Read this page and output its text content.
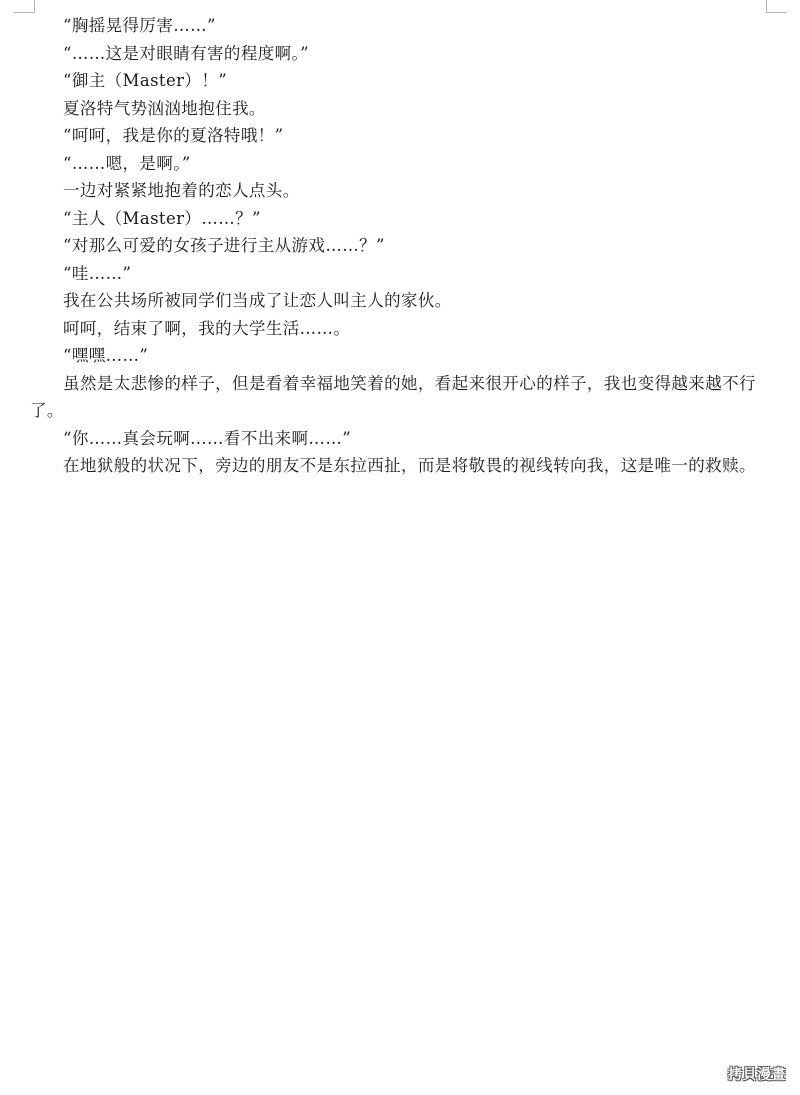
“胸摇晃得厉害……”

“……这是对眼睛有害的程度啊。”

“御主（Master）！”

夏洛特气势汹汹地抱住我。

“呵呵，我是你的夏洛特哦！”

“……嗯，是啊。”

一边对紧紧地抱着的恋人点头。

“主人（Master）……？”

“对那么可爱的女孩子进行主从游戏……？”

“哇……”

我在公共场所被同学们当成了让恋人叫主人的家伙。

呵呵，结束了啊，我的大学生活……。

“嘿嘿……”

虽然是太悲惨的样子，但是看着幸福地笑着的她，看起来很开心的样子，我也变得越来越不行了。

“你……真会玩啊……看不出来啊……”

在地狱般的状况下，旁边的朋友不是东拉西扯，而是将敬畏的视线转向我，这是唯一的救赎。

拷貝漫畫
